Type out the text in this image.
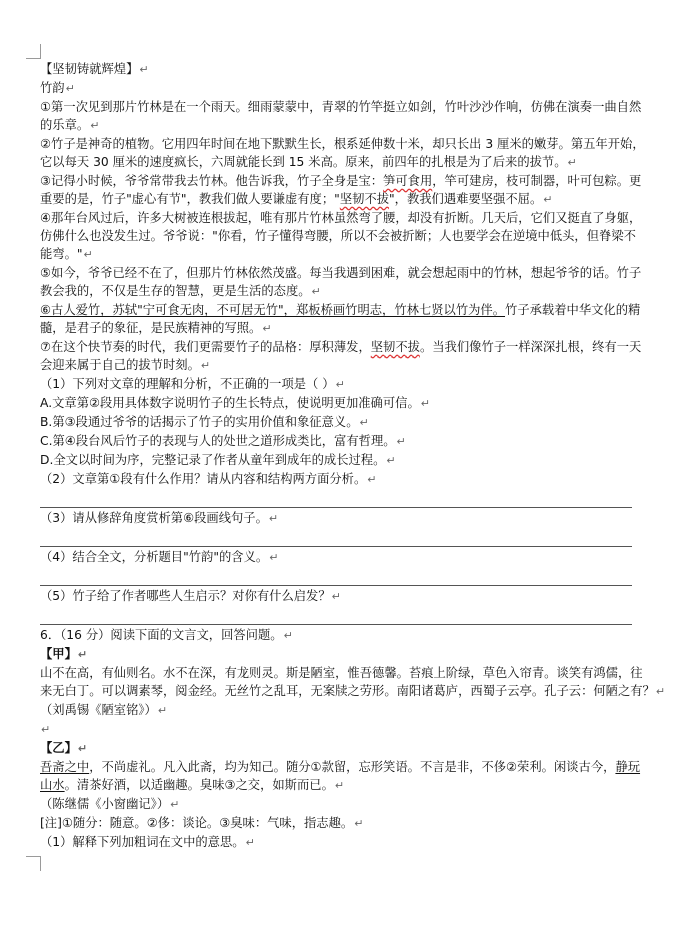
【坚韧铸就辉煌】↵

竹韵↵

①第一次见到那片竹林是在一个雨天。细雨蒙蒙中，青翠的竹竿挺立如剑，竹叶沙沙作响，仿佛在演奏一曲自然

的乐章。↵

②竹子是神奇的植物。它用四年时间在地下默默生长，根系延伸数十米，却只长出 3 厘米的嫩芽。第五年开始，

它以每天 30 厘米的速度疯长，六周就能长到 15 米高。原来，前四年的扎根是为了后来的拔节。↵

③记得小时候，爷爷常带我去竹林。他告诉我，竹子全身是宝：笋可食用，竿可建房，枝可制器，叶可包粽。更

重要的是，竹子"虚心有节"，教我们做人要谦虚有度；"坚韧不拔"，教我们遇难要坚强不屈。↵

④那年台风过后，许多大树被连根拔起，唯有那片竹林虽然弯了腰，却没有折断。几天后，它们又挺直了身躯，

仿佛什么也没发生过。爷爷说："你看，竹子懂得弯腰，所以不会被折断；人也要学会在逆境中低头，但脊梁不

能弯。"↵

⑤如今，爷爷已经不在了，但那片竹林依然茂盛。每当我遇到困难，就会想起雨中的竹林，想起爷爷的话。竹子

教会我的，不仅是生存的智慧，更是生活的态度。↵

⑥古人爱竹，苏轼"宁可食无肉，不可居无竹"，郑板桥画竹明志，竹林七贤以竹为伴。竹子承载着中华文化的精

髓，是君子的象征，是民族精神的写照。↵

⑦在这个快节奏的时代，我们更需要竹子的品格：厚积薄发，坚韧不拔。当我们像竹子一样深深扎根，终有一天

会迎来属于自己的拔节时刻。↵

（1）下列对文章的理解和分析，不正确的一项是（ ）↵

A.文章第②段用具体数字说明竹子的生长特点，使说明更加准确可信。↵

B.第③段通过爷爷的话揭示了竹子的实用价值和象征意义。↵

C.第④段台风后竹子的表现与人的处世之道形成类比，富有哲理。↵

D.全文以时间为序，完整记录了作者从童年到成年的成长过程。↵

（2）文章第①段有什么作用？请从内容和结构两方面分析。↵

（3）请从修辞角度赏析第⑥段画线句子。↵

（4）结合全文，分析题目"竹韵"的含义。↵

（5）竹子给了作者哪些人生启示？对你有什么启发？↵

6．（16 分）阅读下面的文言文，回答问题。↵

【甲】↵

山不在高，有仙则名。水不在深，有龙则灵。斯是陋室，惟吾德馨。苔痕上阶绿，草色入帘青。谈笑有鸿儒，往

来无白丁。可以调素琴，阅金经。无丝竹之乱耳，无案牍之劳形。南阳诸葛庐，西蜀子云亭。孔子云：何陋之有？↵

（刘禹锡《陋室铭》）↵

↵

【乙】↵

吾斋之中，不尚虚礼。凡入此斋，均为知己。随分①款留，忘形笑语。不言是非，不侈②荣利。闲谈古今，静玩

山水。清茶好酒，以适幽趣。臭味③之交，如斯而已。↵

（陈继儒《小窗幽记》）↵

[注]①随分：随意。②侈：谈论。③臭味：气味，指志趣。↵

（1）解释下列加粗词在文中的意思。↵
